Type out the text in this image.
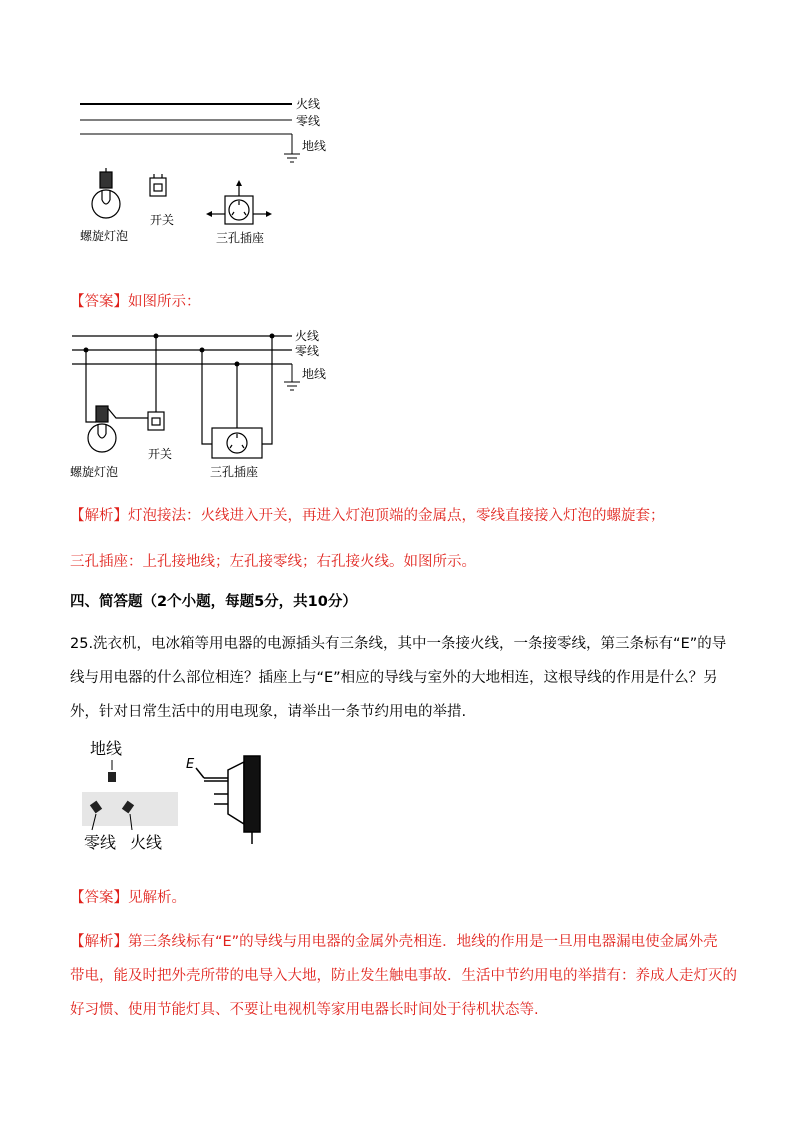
火线
零线
地线
螺旋灯泡
开关
三孔插座
【答案】如图所示：
火线
零线
地线
螺旋灯泡
开关
三孔插座
【解析】灯泡接法：火线进入开关，再进入灯泡顶端的金属点，零线直接接入灯泡的螺旋套；
三孔插座：上孔接地线；左孔接零线；右孔接火线。如图所示。
四、简答题（2个小题，每题5分，共10分）
25.洗衣机，电冰箱等用电器的电源插头有三条线，其中一条接火线，一条接零线，第三条标有“E”的导
线与用电器的什么部位相连？插座上与“E”相应的导线与室外的大地相连，这根导线的作用是什么？另
外，针对日常生活中的用电现象，请举出一条节约用电的举措.
地线
零线 火线
E
【答案】见解析。
【解析】第三条线标有“E”的导线与用电器的金属外壳相连．地线的作用是一旦用电器漏电使金属外壳
带电，能及时把外壳所带的电导入大地，防止发生触电事故．生活中节约用电的举措有：养成人走灯灭的
好习惯、使用节能灯具、不要让电视机等家用电器长时间处于待机状态等.
